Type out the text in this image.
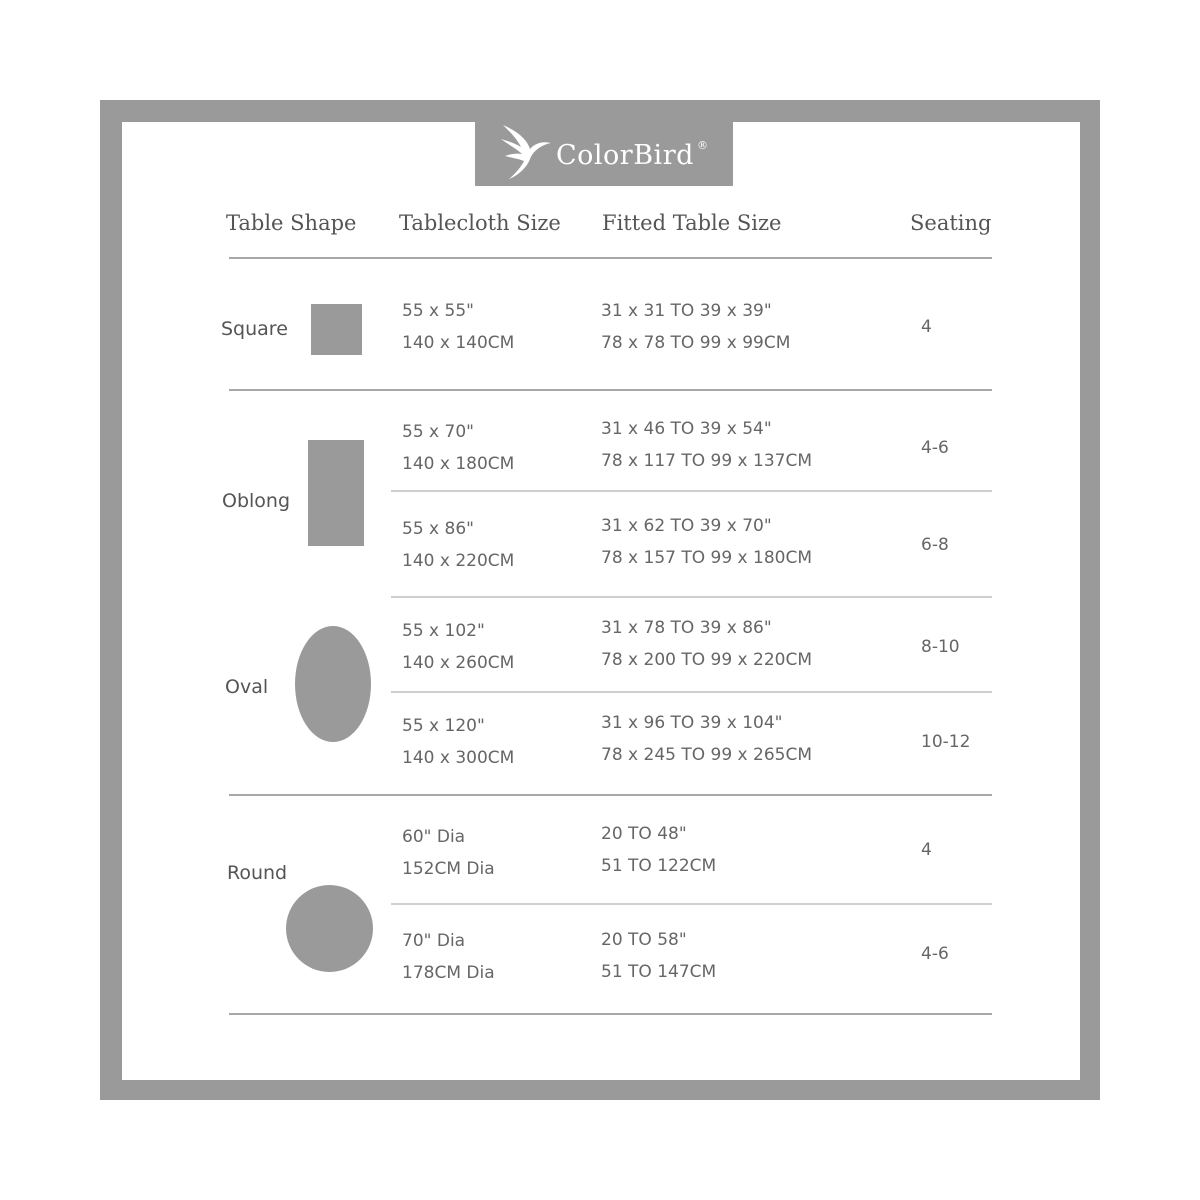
ColorBird ®
Table Shape Tablecloth Size Fitted Table Size	Seating
Square
Oblong
Oval
Round
55 x 55"
140 x 140CM
31 x 31 TO 39 x 39"
78 x 78 TO 99 x 99CM
4
55 x 70"
140 x 180CM
31 x 46 TO 39 x 54"
78 x 117 TO 99 x 137CM
4-6
55 x 86"
140 x 220CM
31 x 62 TO 39 x 70"
78 x 157 TO 99 x 180CM
6-8
55 x 102"
140 x 260CM
31 x 78 TO 39 x 86"
78 x 200 TO 99 x 220CM
8-10
55 x 120"
140 x 300CM
31 x 96 TO 39 x 104"
78 x 245 TO 99 x 265CM
10-12
60" Dia
152CM Dia
20 TO 48"
51 TO 122CM
4
70" Dia
178CM Dia
20 TO 58"
51 TO 147CM
4-6
